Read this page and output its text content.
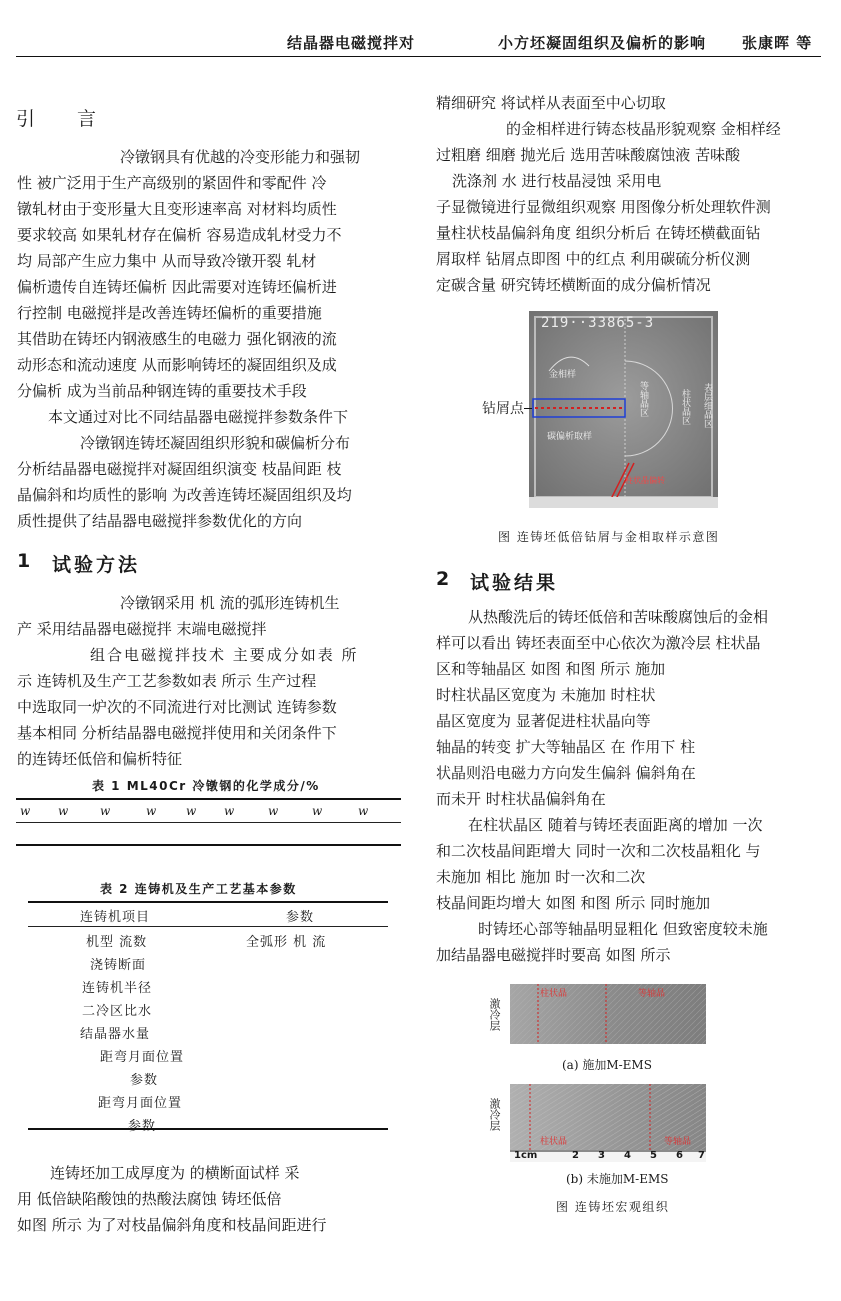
结晶器电磁搅拌对	小方坯凝固组织及偏析的影响 张康晖 等
引 言
冷镦钢具有优越的冷变形能力和强韧
性 被广泛用于生产高级别的紧固件和零配件 冷
镦轧材由于变形量大且变形速率高 对材料均质性
要求较高 如果轧材存在偏析 容易造成轧材受力不
均 局部产生应力集中 从而导致冷镦开裂 轧材
偏析遗传自连铸坯偏析 因此需要对连铸坯偏析进
行控制 电磁搅拌是改善连铸坯偏析的重要措施
其借助在铸坯内钢液感生的电磁力 强化钢液的流
动形态和流动速度 从而影响铸坯的凝固组织及成
分偏析 成为当前品种钢连铸的重要技术手段
本文通过对比不同结晶器电磁搅拌参数条件下
冷镦钢连铸坯凝固组织形貌和碳偏析分布
分析结晶器电磁搅拌对凝固组织演变 枝晶间距 枝
晶偏斜和均质性的影响 为改善连铸坯凝固组织及均
质性提供了结晶器电磁搅拌参数优化的方向
1 试验方法
冷镦钢采用 机 流的弧形连铸机生
产 采用结晶器电磁搅拌 末端电磁搅拌
组合电磁搅拌技术 主要成分如表 所
示 连铸机及生产工艺参数如表 所示 生产过程
中选取同一炉次的不同流进行对比测试 连铸参数
基本相同 分析结晶器电磁搅拌使用和关闭条件下
的连铸坯低倍和偏析特征
表 1 ML40Cr 冷镦钢的化学成分/%
w w	w	w w w	w	w	w
表 2 连铸机及生产工艺基本参数
连铸机项目	参数
机型 流数	全弧形 机 流
浇铸断面
连铸机半径
二冷区比水
结晶器水量
距弯月面位置
参数
距弯月面位置
参数
连铸坯加工成厚度为 的横断面试样 采
用 低倍缺陷酸蚀的热酸法腐蚀 铸坯低倍
如图 所示 为了对枝晶偏斜角度和枝晶间距进行
精细研究 将试样从表面至中心切取
的金相样进行铸态枝晶形貌观察 金相样经
过粗磨 细磨 抛光后 选用苦味酸腐蚀液 苦味酸
洗涤剂 水 进行枝晶浸蚀 采用电
子显微镜进行显微组织观察 用图像分析处理软件测
量柱状枝晶偏斜角度 组织分析后 在铸坯横截面钻
屑取样 钻屑点即图 中的红点 利用碳硫分析仪测
定碳含量 研究铸坯横断面的成分偏析情况
219··33865-3
金相样
碳偏析取样
等轴晶区	柱状晶区 表层细晶区
柱状晶偏转
钻屑点
图 连铸坯低倍钻屑与金相取样示意图
2 试验结果
从热酸洗后的铸坯低倍和苦味酸腐蚀后的金相
样可以看出 铸坯表面至中心依次为激冷层 柱状晶
区和等轴晶区 如图 和图 所示 施加
时柱状晶区宽度为 未施加 时柱状
晶区宽度为 显著促进柱状晶向等
轴晶的转变 扩大等轴晶区 在 作用下 柱
状晶则沿电磁力方向发生偏斜 偏斜角在
而未开 时柱状晶偏斜角在
在柱状晶区 随着与铸坯表面距离的增加 一次
和二次枝晶间距增大 同时一次和二次枝晶粗化 与
未施加 相比 施加 时一次和二次
枝晶间距均增大 如图 和图 所示 同时施加
时铸坯心部等轴晶明显粗化 但致密度较未施
加结晶器电磁搅拌时要高 如图 所示
激冷层
柱状晶	等轴晶
(a) 施加M-EMS
激冷层
柱状晶	等轴晶
1cm	2 3 4 5 6 7
(b) 未施加M-EMS
图 连铸坯宏观组织
